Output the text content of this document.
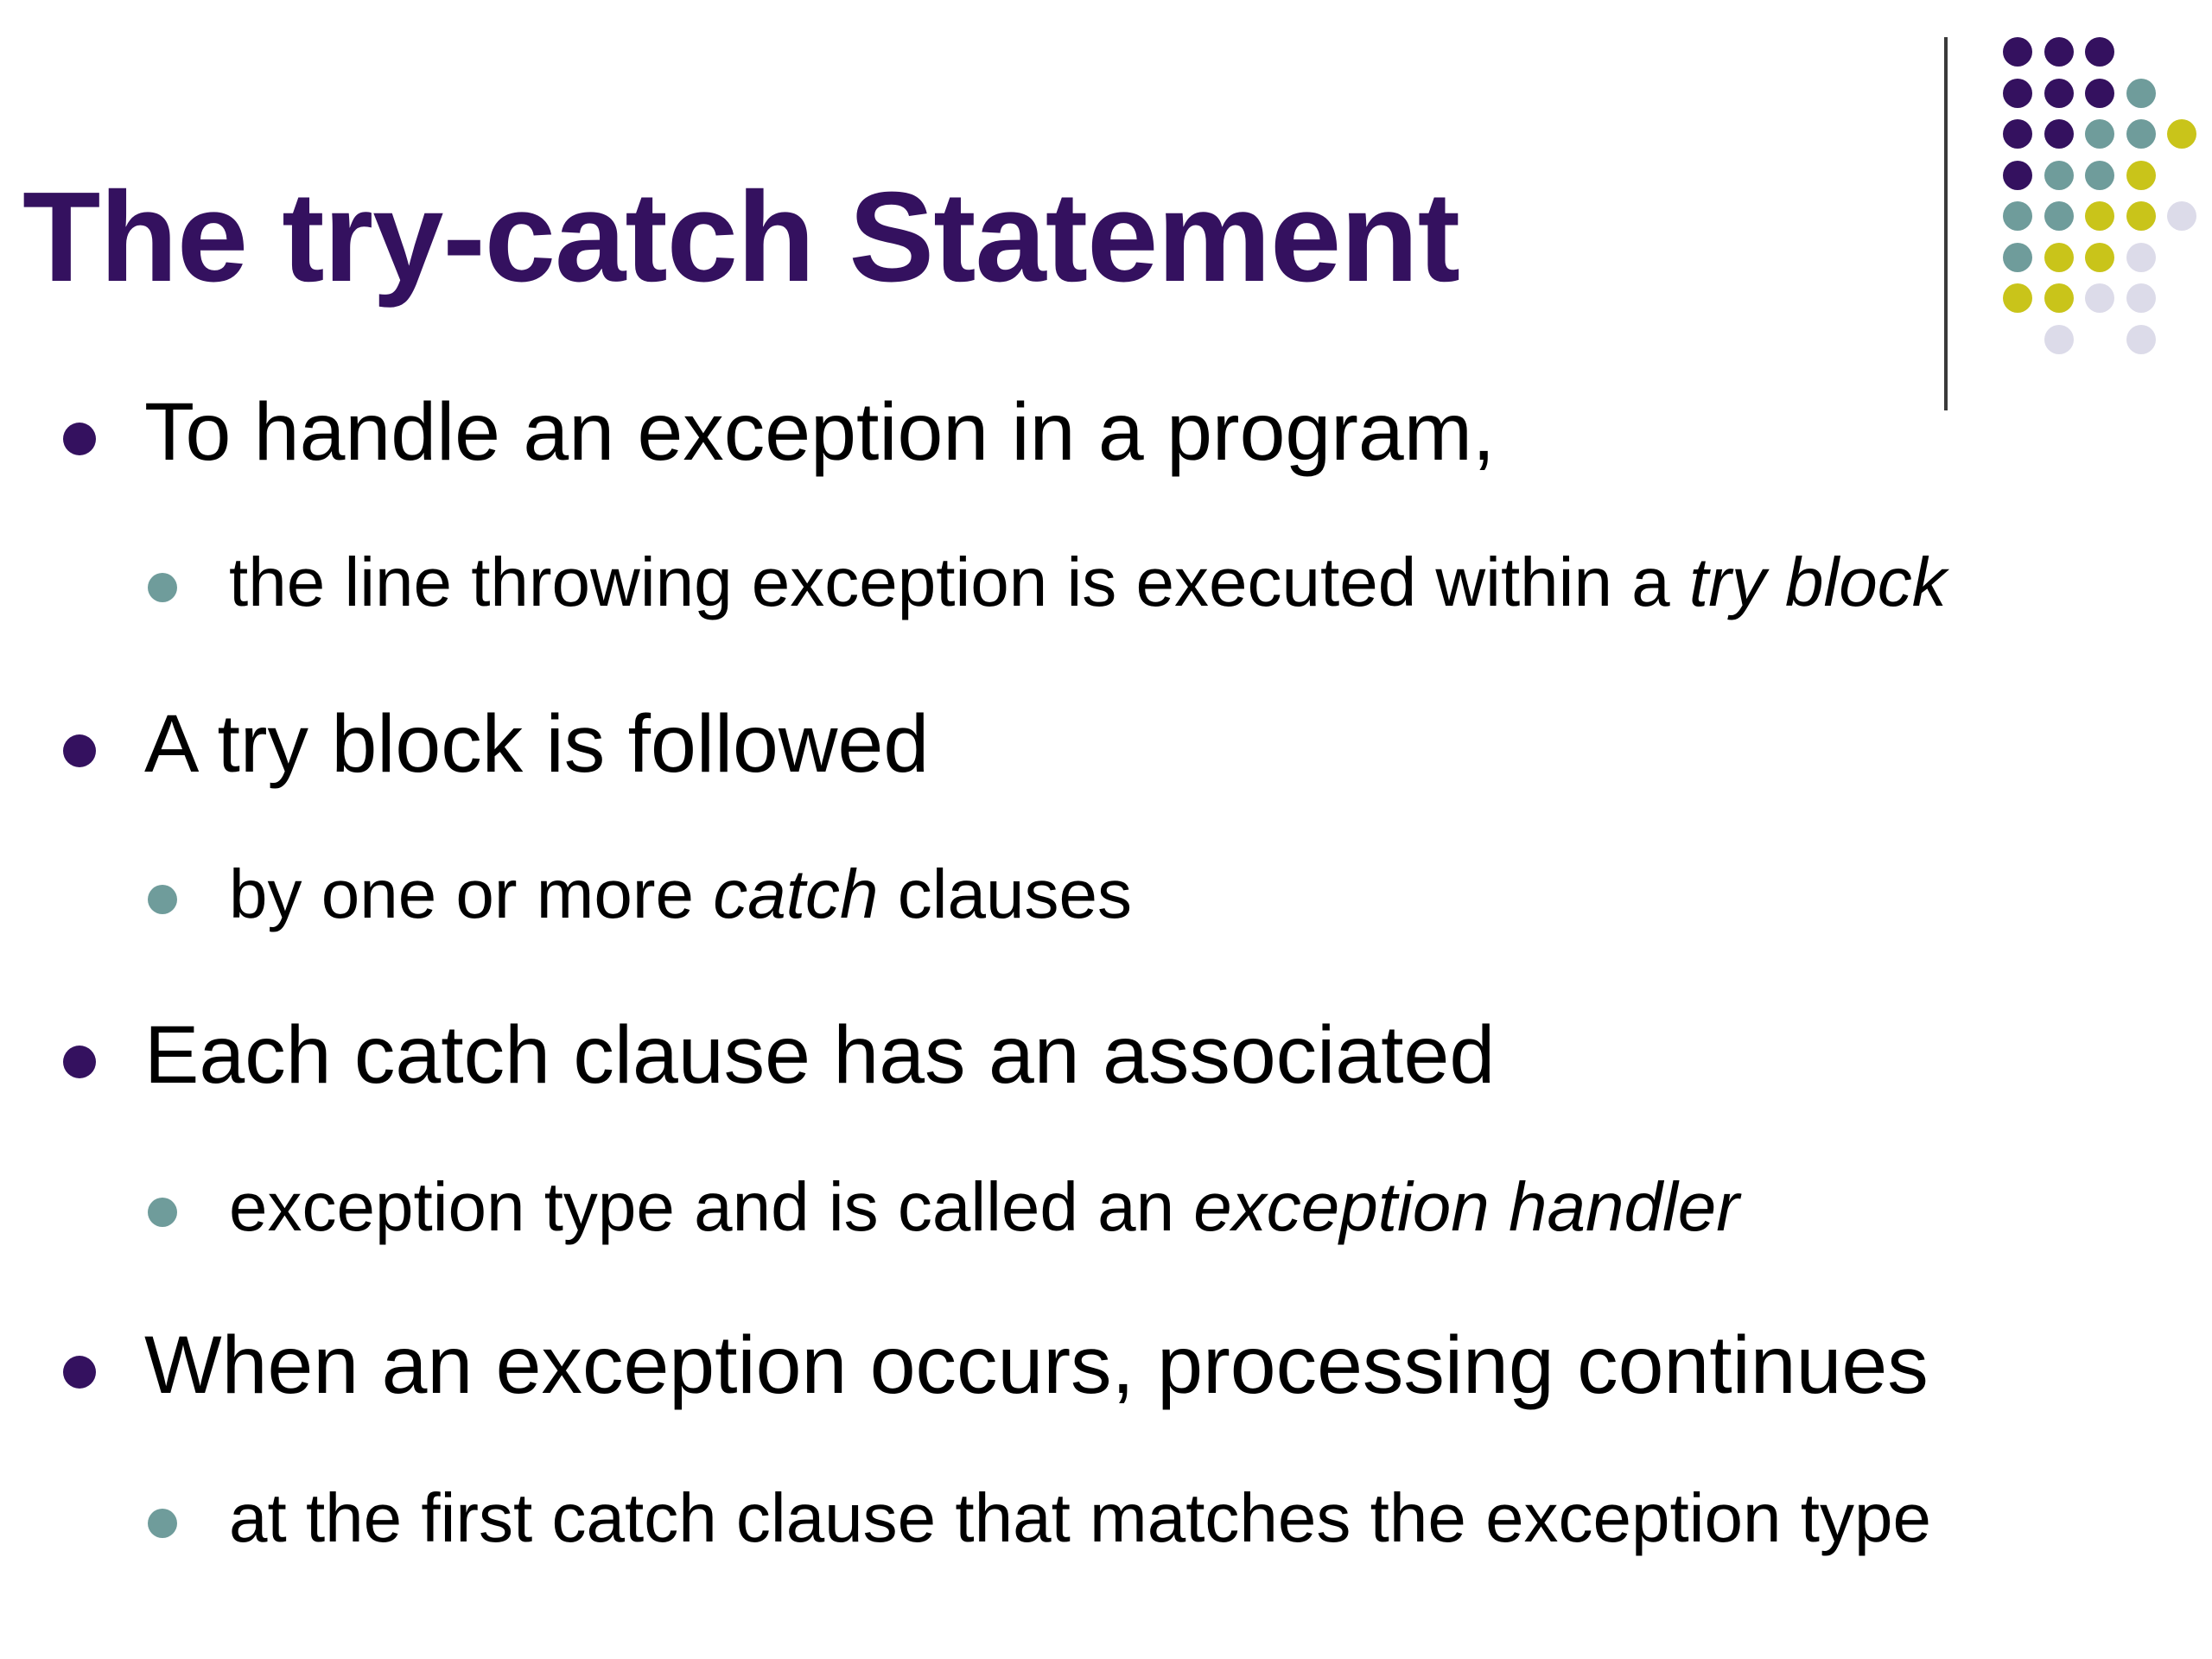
The try-catch Statement
To handle an exception in a program,
the line throwing exception is executed within a try block
A try block is followed
by one or more catch clauses
Each catch clause has an associated
exception type and is called an exception handler
When an exception occurs, processing continues
at the first catch clause that matches the exception type
